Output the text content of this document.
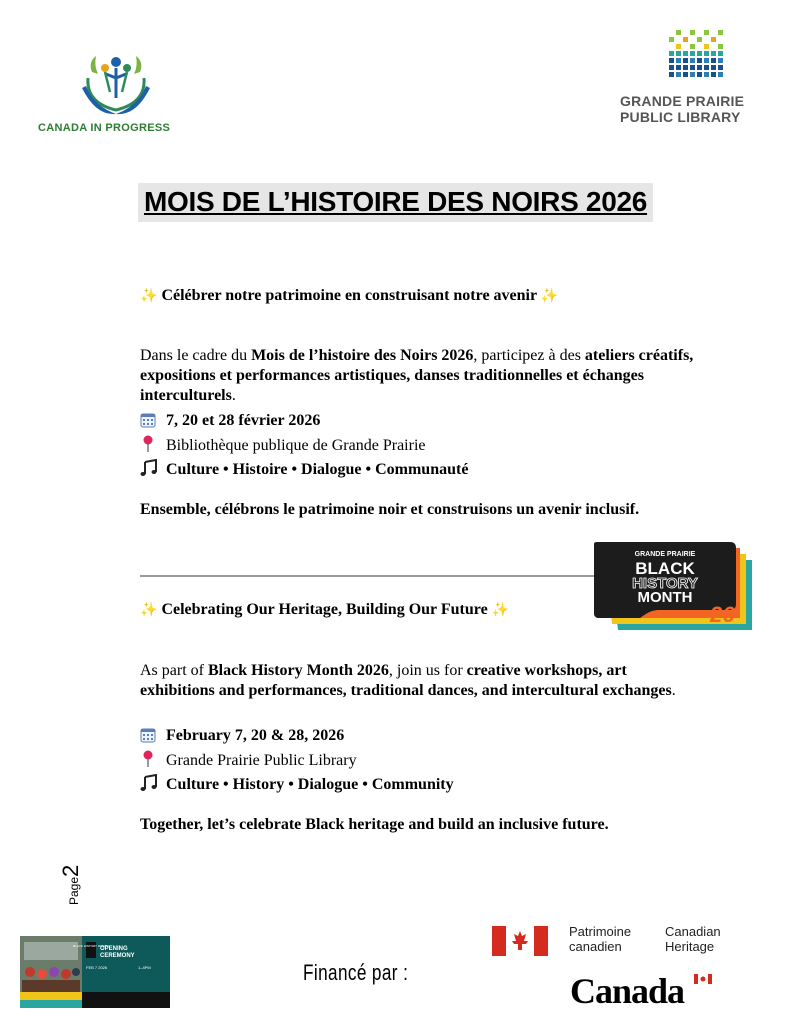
CANADA IN PROGRESS
GRANDE PRAIRIE
PUBLIC LIBRARY
MOIS DE L’HISTOIRE DES NOIRS 2026
✨ Célébrer notre patrimoine en construisant notre avenir ✨
Dans le cadre du Mois de l’histoire des Noirs 2026, participez à des ateliers créatifs, expositions et performances artistiques, danses traditionnelles et échanges interculturels.
7, 20 et 28 février 2026
Bibliothèque publique de Grande Prairie
Culture • Histoire • Dialogue • Communauté
Ensemble, célébrons le patrimoine noir et construisons un avenir inclusif.
GRANDE PRAIRIE
BLACK
HISTORY
MONTH
26
✨ Celebrating Our Heritage, Building Our Future ✨
As part of Black History Month 2026, join us for creative workshops, art exhibitions and performances, traditional dances, and intercultural exchanges.
February 7, 20 & 28, 2026
Grande Prairie Public Library
Culture • History • Dialogue • Community
Together, let’s celebrate Black heritage and build an inclusive future.
Page2
BLACK HISTORY MONTH
OPENING
CEREMONY
FEB 7 2026	1–4PM	Financé par :
Patrimoine
canadien
Canadian
Heritage
Canada
